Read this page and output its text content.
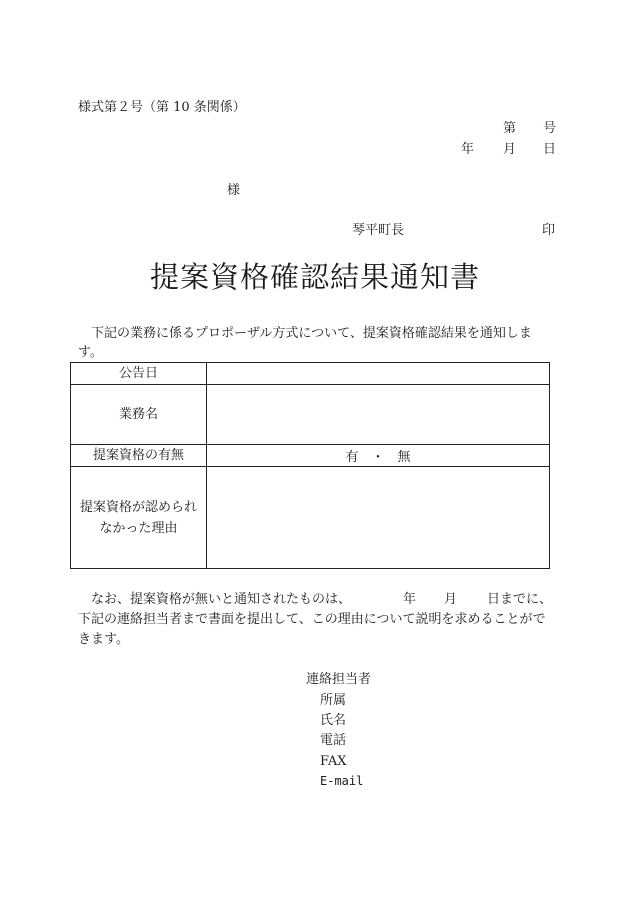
様式第２号（第 10 条関係）
第 号
年 月 日
様
琴平町長	印
提案資格確認結果通知書
下記の業務に係るプロポーザル方式について、提案資格確認結果を通知します。
公告日	
業務名	
提案資格の有無	有　・　無
提案資格が認められなかった理由	
なお、提案資格が無いと通知されたものは、	年 月 日までに、下記の連絡担当者まで書面を提出して、この理由について説明を求めることができます。
連絡担当者
所属
氏名
電話
FAX
E-mail
